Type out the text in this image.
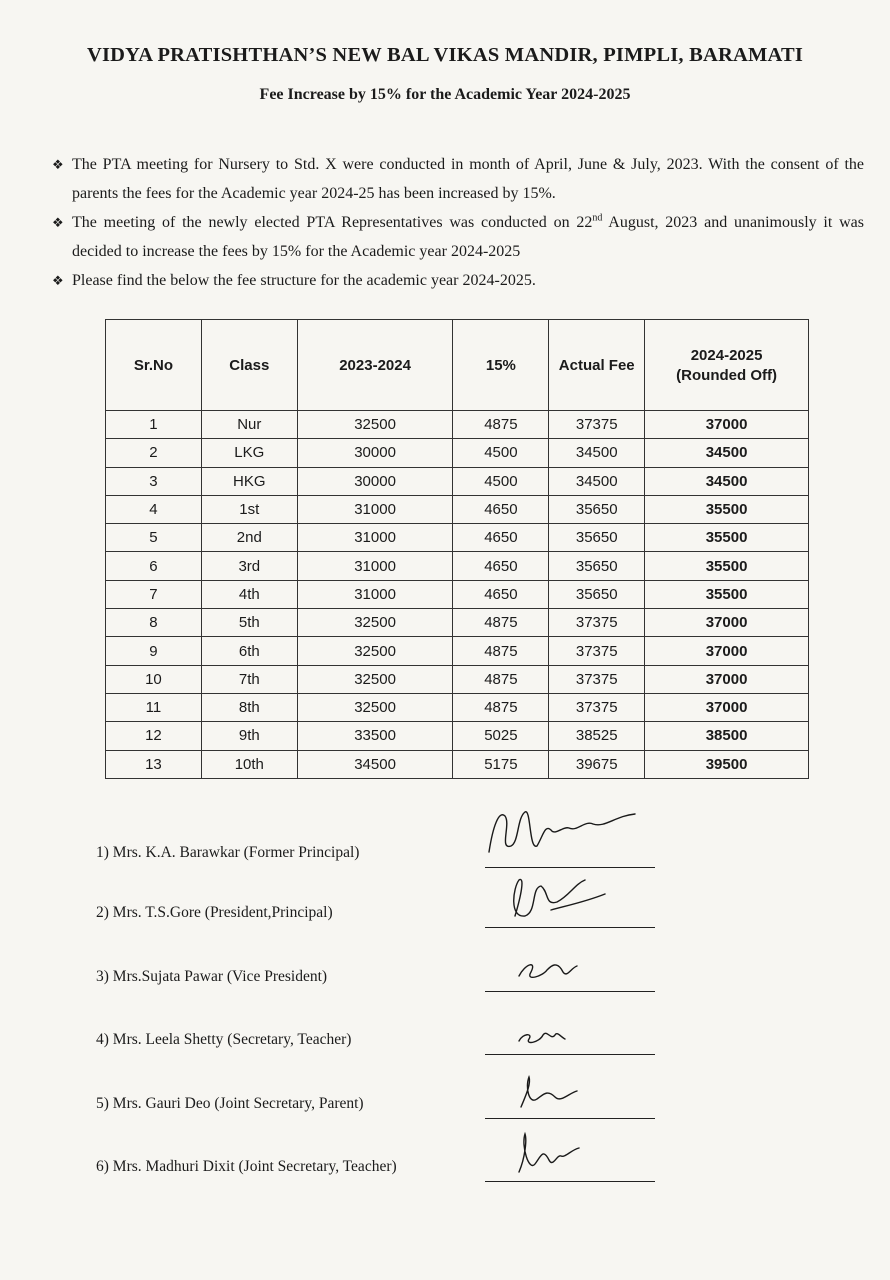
VIDYA PRATISHTHAN’S NEW BAL VIKAS MANDIR, PIMPLI, BARAMATI
Fee Increase by 15% for the Academic Year 2024-2025
❖ The PTA meeting for Nursery to Std. X were conducted in month of April, June & July, 2023. With the consent of the parents the fees for the Academic year 2024-25 has been increased by 15%.
❖ The meeting of the newly elected PTA Representatives was conducted on 22nd August, 2023 and unanimously it was decided to increase the fees by 15% for the Academic year 2024-2025
❖ Please find the below the fee structure for the academic year 2024-2025.
Sr.No	Class	2023-2024	15%	Actual Fee	2024-2025
(Rounded Off)

1	Nur	32500	4875	37375	37000
2	LKG	30000	4500	34500	34500
3	HKG	30000	4500	34500	34500
4	1st	31000	4650	35650	35500
5	2nd	31000	4650	35650	35500
6	3rd	31000	4650	35650	35500
7	4th	31000	4650	35650	35500
8	5th	32500	4875	37375	37000
9	6th	32500	4875	37375	37000
10	7th	32500	4875	37375	37000
11	8th	32500	4875	37375	37000
12	9th	33500	5025	38525	38500
13	10th	34500	5175	39675	39500
1) Mrs. K.A. Barawkar (Former Principal)
2) Mrs. T.S.Gore (President,Principal)
3) Mrs.Sujata Pawar (Vice President)
4) Mrs. Leela Shetty (Secretary, Teacher)
5) Mrs. Gauri Deo (Joint Secretary, Parent)
6) Mrs. Madhuri Dixit (Joint Secretary, Teacher)
